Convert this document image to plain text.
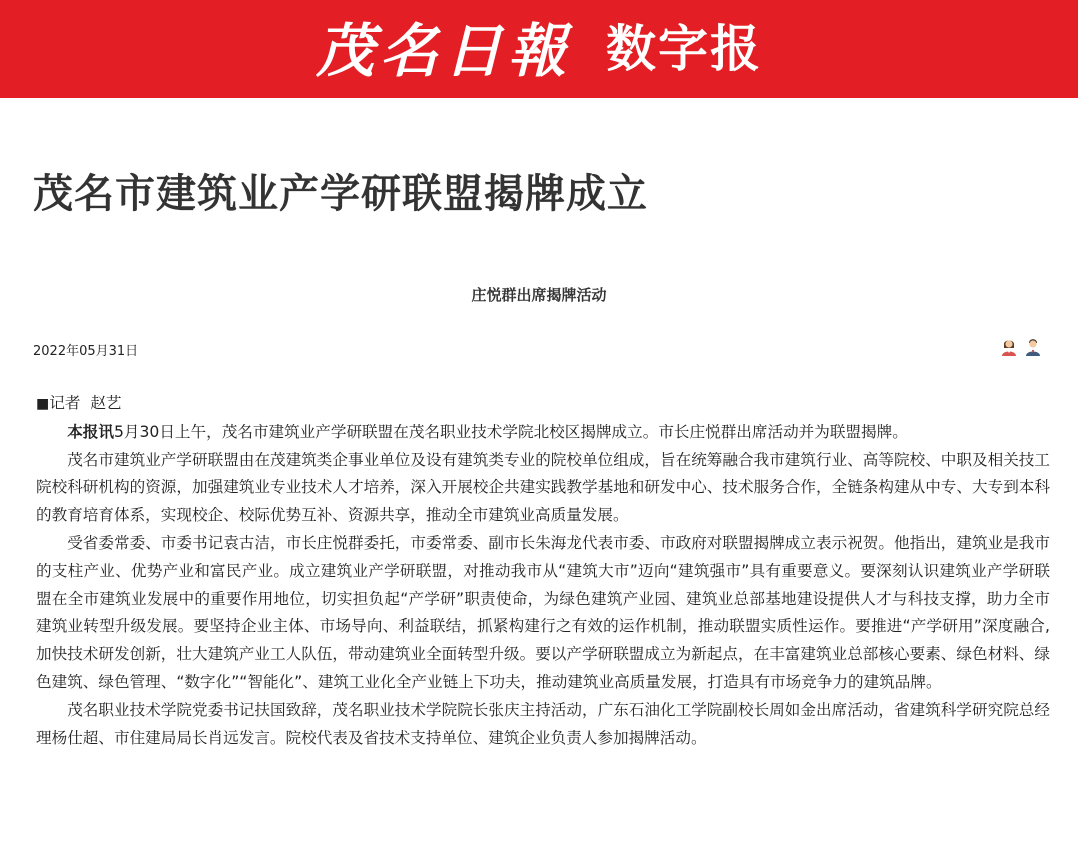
茂名日報 数字报
茂名市建筑业产学研联盟揭牌成立
庄悦群出席揭牌活动
2022年05月31日

■记者  赵艺

本报讯5月30日上午，茂名市建筑业产学研联盟在茂名职业技术学院北校区揭牌成立。市长庄悦群出席活动并为联盟揭牌。

茂名市建筑业产学研联盟由在茂建筑类企事业单位及设有建筑类专业的院校单位组成，旨在统筹融合我市建筑行业、高等院校、中职及相关技工院校科研机构的资源，加强建筑业专业技术人才培养，深入开展校企共建实践教学基地和研发中心、技术服务合作，全链条构建从中专、大专到本科的教育培育体系，实现校企、校际优势互补、资源共享，推动全市建筑业高质量发展。

受省委常委、市委书记袁古洁，市长庄悦群委托，市委常委、副市长朱海龙代表市委、市政府对联盟揭牌成立表示祝贺。他指出，建筑业是我市的支柱产业、优势产业和富民产业。成立建筑业产学研联盟，对推动我市从“建筑大市”迈向“建筑强市”具有重要意义。要深刻认识建筑业产学研联盟在全市建筑业发展中的重要作用地位，切实担负起“产学研”职责使命，为绿色建筑产业园、建筑业总部基地建设提供人才与科技支撑，助力全市建筑业转型升级发展。要坚持企业主体、市场导向、利益联结，抓紧构建行之有效的运作机制，推动联盟实质性运作。要推进“产学研用”深度融合,加快技术研发创新，壮大建筑产业工人队伍，带动建筑业全面转型升级。要以产学研联盟成立为新起点，在丰富建筑业总部核心要素、绿色材料、绿色建筑、绿色管理、“数字化”“智能化”、建筑工业化全产业链上下功夫，推动建筑业高质量发展，打造具有市场竞争力的建筑品牌。

茂名职业技术学院党委书记扶国致辞，茂名职业技术学院院长张庆主持活动，广东石油化工学院副校长周如金出席活动，省建筑科学研究院总经理杨仕超、市住建局局长肖远发言。院校代表及省技术支持单位、建筑企业负责人参加揭牌活动。
